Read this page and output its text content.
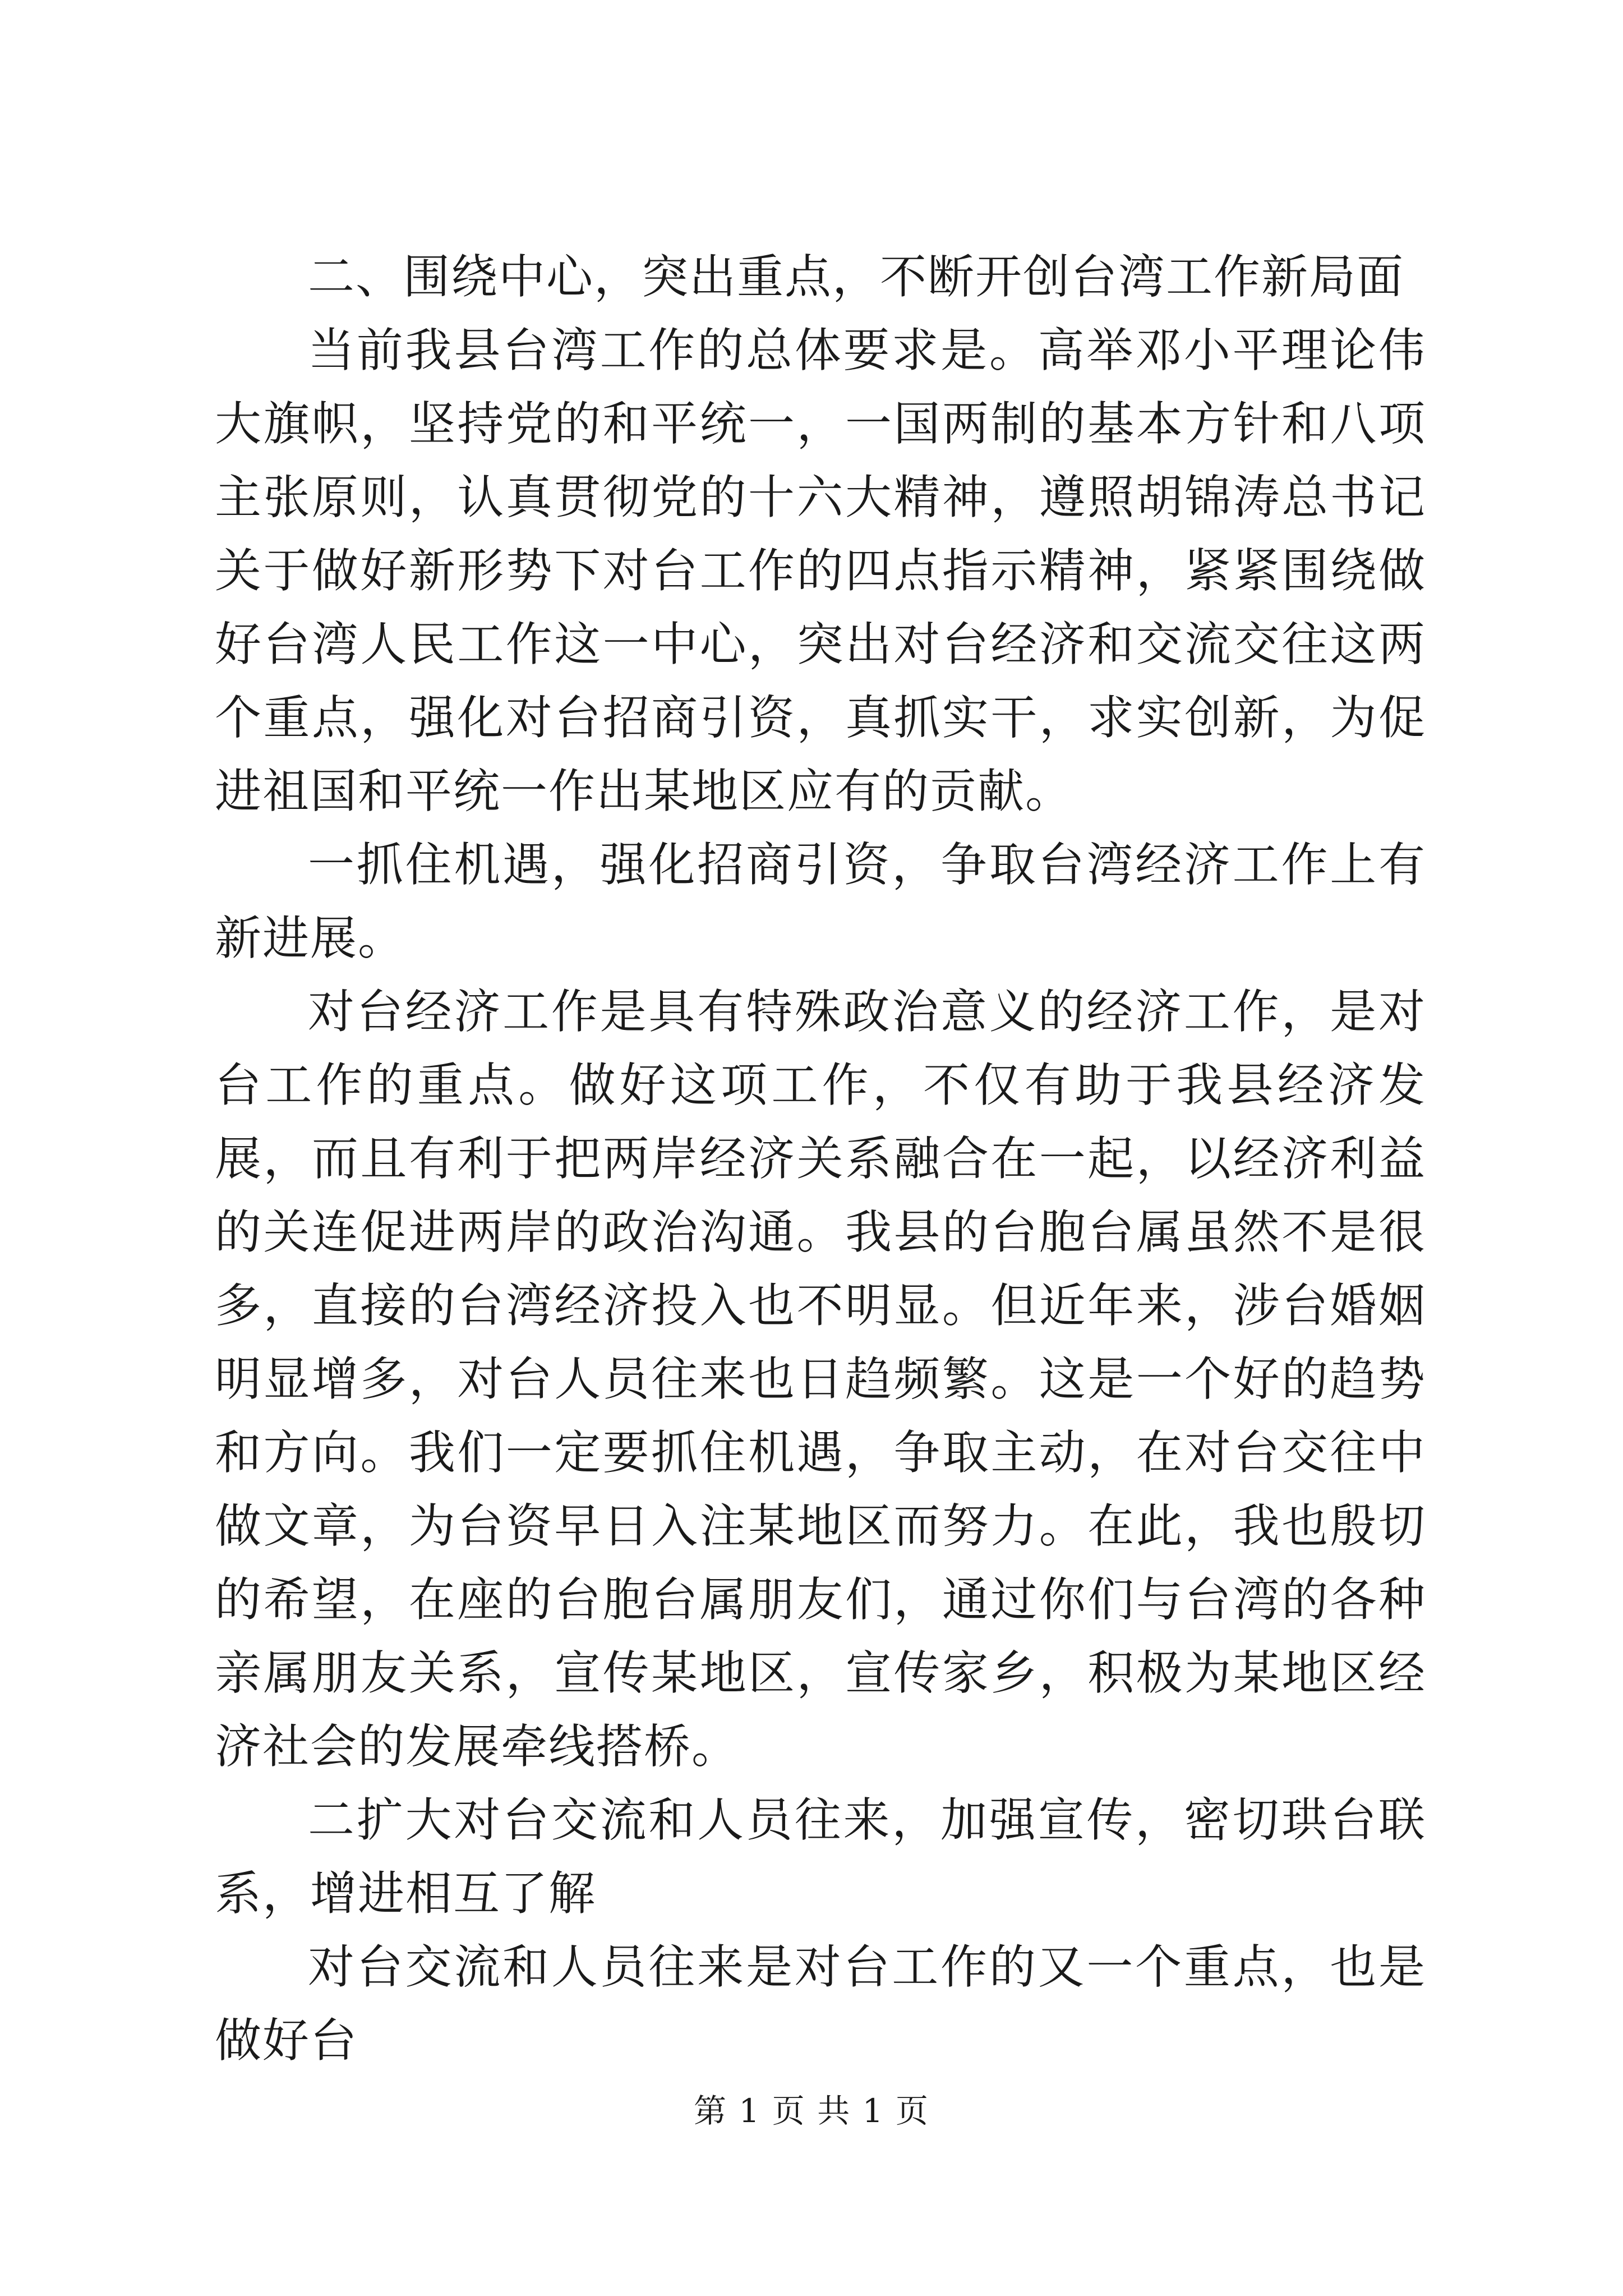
二、围绕中心，突出重点，不断开创台湾工作新局面

当前我县台湾工作的总体要求是。高举邓小平理论伟大旗帜，坚持党的和平统一，一国两制的基本方针和八项主张原则，认真贯彻党的十六大精神，遵照胡锦涛总书记关于做好新形势下对台工作的四点指示精神，紧紧围绕做好台湾人民工作这一中心，突出对台经济和交流交往这两个重点，强化对台招商引资，真抓实干，求实创新，为促进祖国和平统一作出某地区应有的贡献。

一抓住机遇，强化招商引资，争取台湾经济工作上有新进展。

对台经济工作是具有特殊政治意义的经济工作，是对台工作的重点。做好这项工作，不仅有助于我县经济发展，而且有利于把两岸经济关系融合在一起，以经济利益的关连促进两岸的政治沟通。我县的台胞台属虽然不是很多，直接的台湾经济投入也不明显。但近年来，涉台婚姻明显增多，对台人员往来也日趋频繁。这是一个好的趋势和方向。我们一定要抓住机遇，争取主动，在对台交往中做文章，为台资早日入注某地区而努力。在此，我也殷切的希望，在座的台胞台属朋友们，通过你们与台湾的各种亲属朋友关系，宣传某地区，宣传家乡，积极为某地区经济社会的发展牵线搭桥。

二扩大对台交流和人员往来，加强宣传，密切珙台联系，增进相互了解

对台交流和人员往来是对台工作的又一个重点，也是做好台

第 1 页 共 1 页
